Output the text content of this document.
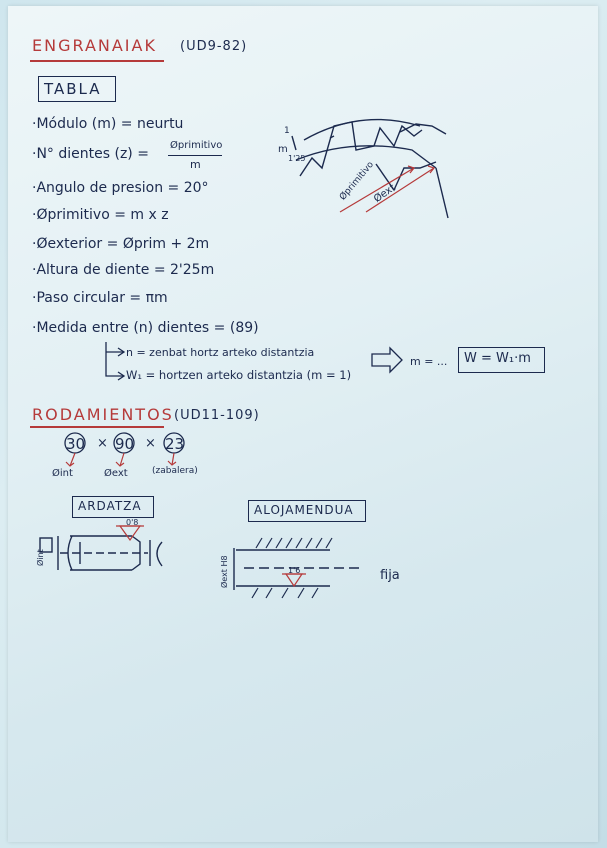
ENGRANAIAK (UD9-82)
TABLA
·Módulo (m) = neurtu
·N° dientes (z) =
Øprimitivo
m
·Angulo de presion = 20°
·Øprimitivo = m x z
·Øexterior = Øprim + 2m
·Altura de diente = 2'25m
·Paso circular = πm
·Medida entre (n) dientes = (89)
n = zenbat hortz arteko distantzia
W₁ = hortzen arteko distantzia (m = 1)
m = ... W = W₁·m
m
1
1'25
Øprimitivo
Øext
RODAMIENTOS (UD11-109)
30 × 90 × 23
Øint	Øext	(zabalera)
ARDATZA
0'8
Øint
ALOJAMENDUA
1'6
Øext H8	fija
